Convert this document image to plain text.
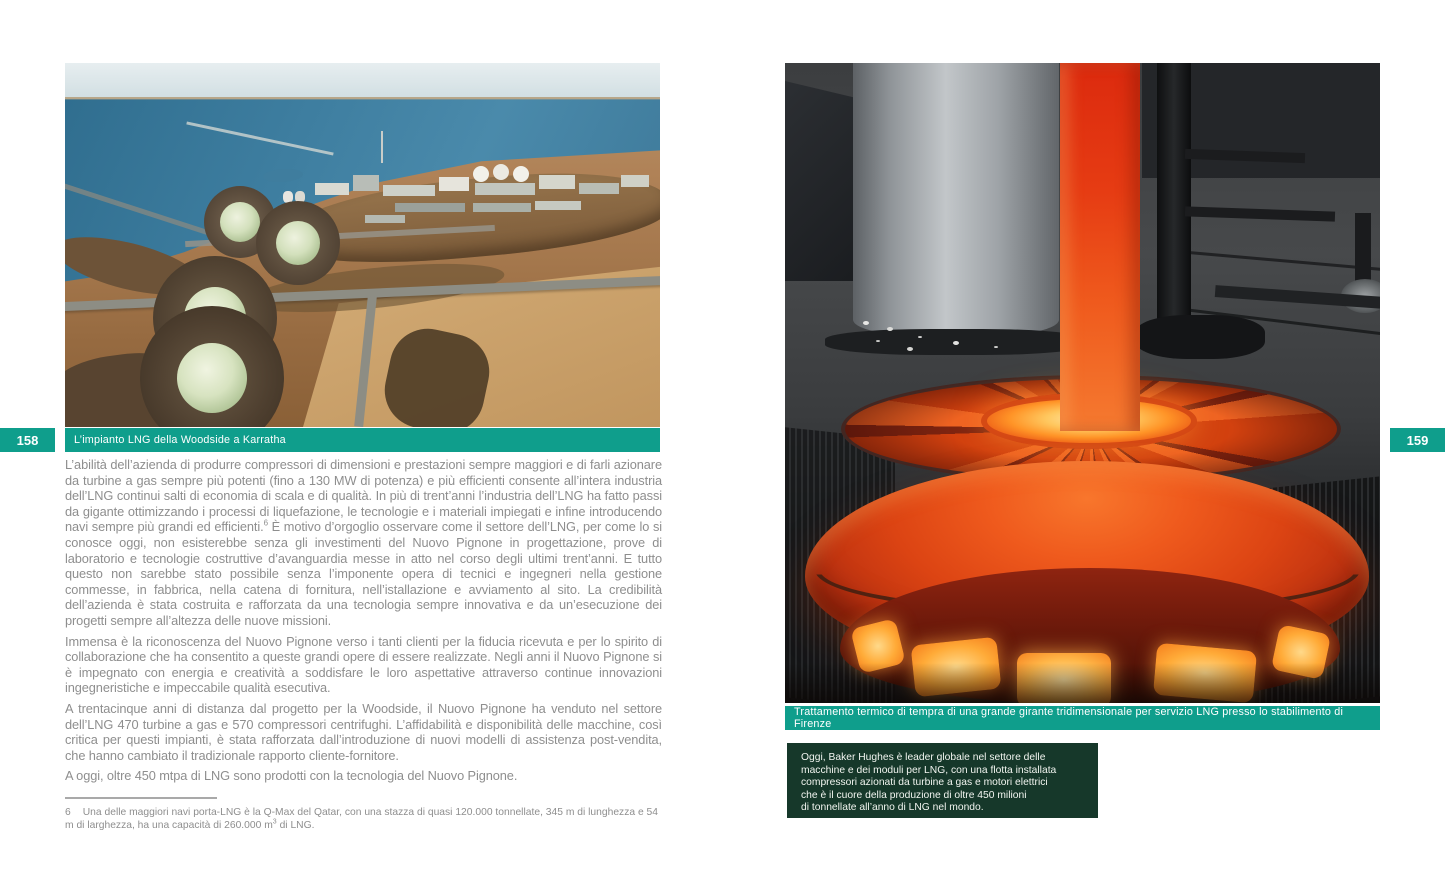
L’impianto LNG della Woodside a Karratha
158

L’abilità dell’azienda di produrre compressori di dimensioni e prestazioni sempre maggiori e di farli azionare da turbine a gas sempre più potenti (fino a 130 MW di potenza) e più efficienti consente all’intera industria dell’LNG continui salti di economia di scala e di qualità. In più di trent’anni l’industria dell’LNG ha fatto passi da gigante ottimizzando i processi di liquefazione, le tecnologie e i materiali impiegati e infine introducendo navi sempre più grandi ed efficienti.$^6$ È motivo d’orgoglio osservare come il settore dell’LNG, per come lo si conosce oggi, non esisterebbe senza gli investimenti del Nuovo Pignone in progettazione, prove di laboratorio e tecnologie costruttive d’avanguardia messe in atto nel corso degli ultimi trent’anni. E tutto questo non sarebbe stato possibile senza l’imponente opera di tecnici e ingegneri nella gestione commesse, in fabbrica, nella catena di fornitura, nell’istallazione e avviamento al sito. La credibilità dell’azienda è stata costruita e rafforzata da una tecnologia sempre innovativa e da un’esecuzione dei progetti sempre all’altezza delle nuove missioni.

Immensa è la riconoscenza del Nuovo Pignone verso i tanti clienti per la fiducia ricevuta e per lo spirito di collaborazione che ha consentito a queste grandi opere di essere realizzate. Negli anni il Nuovo Pignone si è impegnato con energia e creatività a soddisfare le loro aspettative attraverso continue innovazioni ingegneristiche e impeccabile qualità esecutiva.

A trentacinque anni di distanza dal progetto per la Woodside, il Nuovo Pignone ha venduto nel settore dell’LNG 470 turbine a gas e 570 compressori centrifughi. L’affidabilità e disponibilità delle macchine, così critica per questi impianti, è stata rafforzata dall’introduzione di nuovi modelli di assistenza post-vendita, che hanno cambiato il tradizionale rapporto cliente-fornitore.

A oggi, oltre 450 mtpa di LNG sono prodotti con la tecnologia del Nuovo Pignone.

6 Una delle maggiori navi porta-LNG è la Q-Max del Qatar, con una stazza di quasi 120.000 tonnellate, 345 m di lunghezza e 54 m di larghezza, ha una capacità di 260.000 $m^3$ di LNG.

Trattamento termico di tempra di una grande girante tridimensionale per servizio LNG presso lo stabilimento di Firenze
159
Oggi, Baker Hughes è leader globale nel settore delle
macchine e dei moduli per LNG, con una flotta installata
compressori azionati da turbine a gas e motori elettrici
che è il cuore della produzione di oltre 450 milioni
di tonnellate all’anno di LNG nel mondo.
